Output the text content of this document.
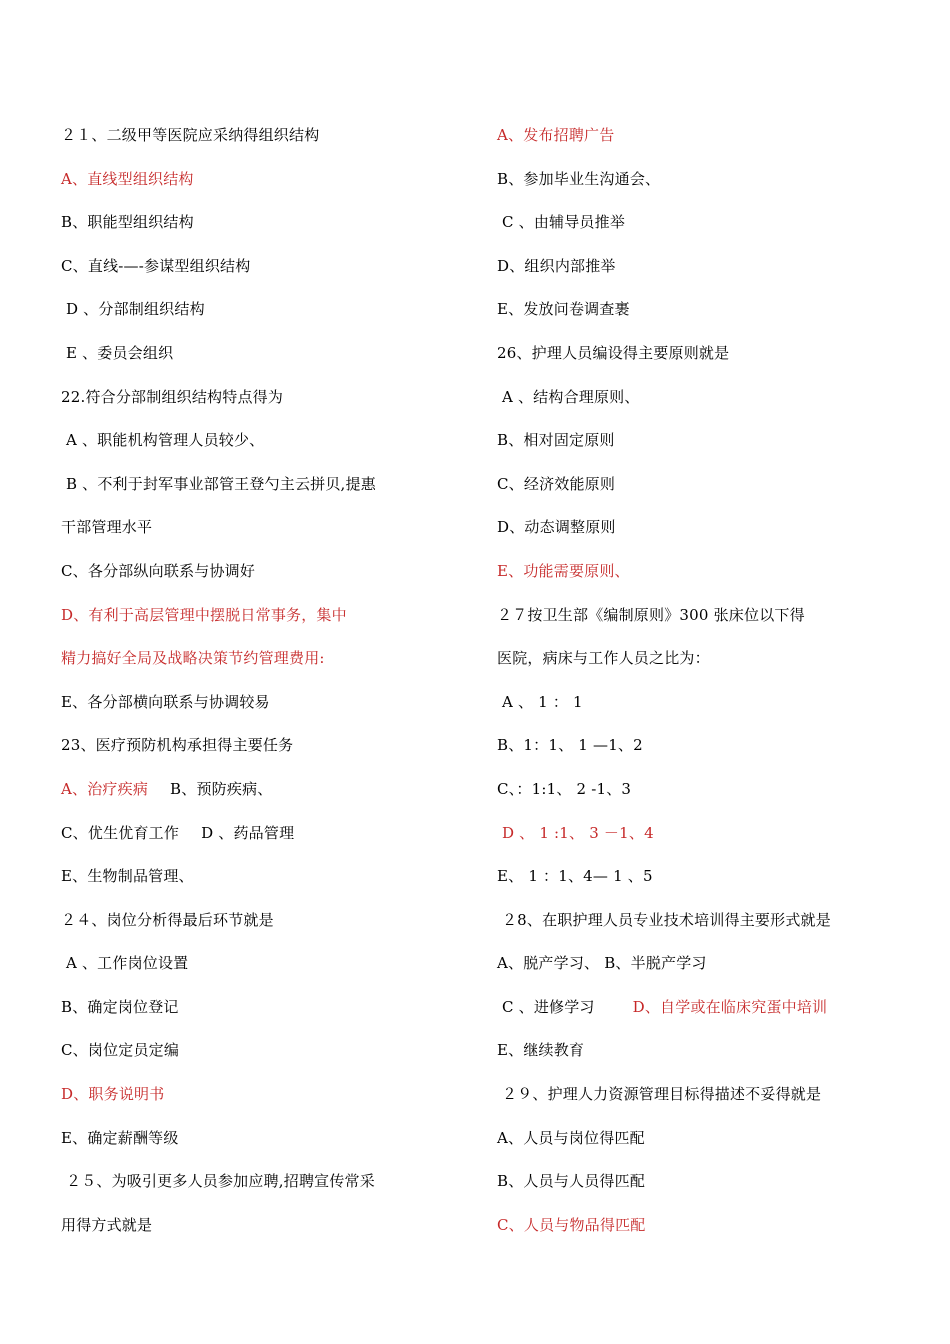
２１、二级甲等医院应采纳得组织结构
A、直线型组织结构
B、职能型组织结构
C、直线-—-参谋型组织结构
D 、分部制组织结构
E 、委员会组织
22.符合分部制组织结构特点得为
A 、职能机构管理人员较少、
B 、不利于封军事业部管王登勺主云拼贝,提惠
干部管理水平
C、各分部纵向联系与协调好
D、有利于高层管理中摆脱日常事务，集中
精力搞好全局及战略决策节约管理费用:
E、各分部横向联系与协调较易
23、医疗预防机构承担得主要任务
A、治疗疾病 B、预防疾病、
C、优生优育工作 D 、药品管理
E、生物制品管理、
２４、岗位分析得最后环节就是
A 、工作岗位设置
B、确定岗位登记
C、岗位定员定编
D、职务说明书
E、确定薪酬等级
２５、为吸引更多人员参加应聘,招聘宣传常采
用得方式就是
A、发布招聘广告
B、参加毕业生沟通会、
C 、由辅导员推举
D、组织内部推举
E、发放问卷调查裹
26、护理人员编设得主要原则就是
A 、结构合理原则、
B、相对固定原则
C、经济效能原则
D、动态调整原则
E、功能需要原则、
２７按卫生部《编制原则》300 张床位以下得
医院，病床与工作人员之比为：
A 、 1 ： 1
B、1：1、 1 —1、2
C、：1:1、 2 -1、3
D 、 1 :1、 3 －1、4
E、 1 ：1、4— 1 、5
２8、在职护理人员专业技术培训得主要形式就是
A、脱产学习、 B、半脱产学习
C 、进修学习	D、自学或在临床究蛋中培训
E、继续教育
２９、护理人力资源管理目标得描述不妥得就是
A、人员与岗位得匹配
B、人员与人员得匹配
C、人员与物品得匹配
